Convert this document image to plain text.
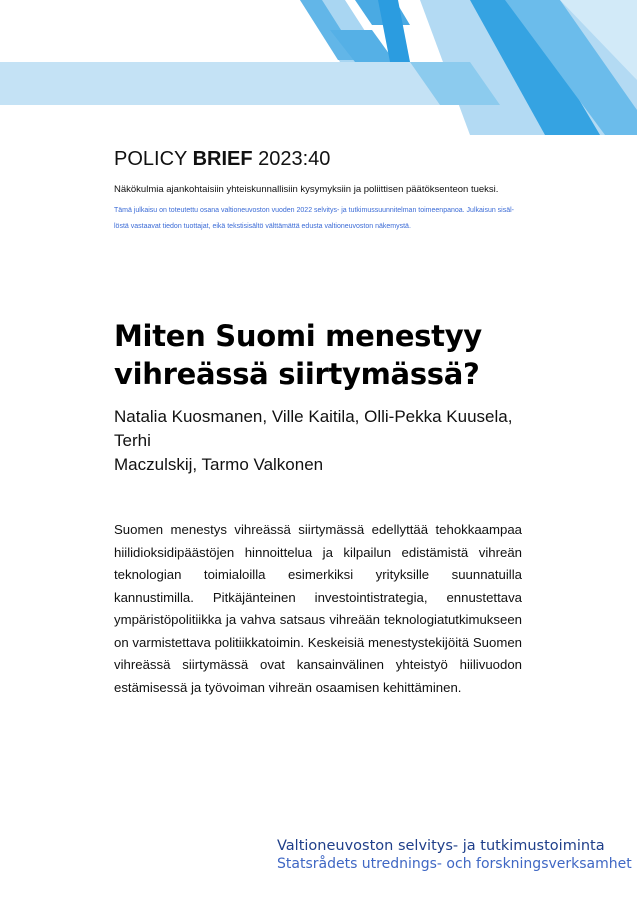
POLICY BRIEF 2023:40
Näkökulmia ajankohtaisiin yhteiskunnallisiin kysymyksiin ja poliittisen päätöksenteon tueksi.
Tämä julkaisu on toteutettu osana valtioneuvoston vuoden 2022 selvitys- ja tutkimussuunnitelman toimeenpanoa. Julkaisun sisäl-
löstä vastaavat tiedon tuottajat, eikä tekstisisältö välttämättä edusta valtioneuvoston näkemystä.
Miten Suomi menestyy
vihreässä siirtymässä?
Natalia Kuosmanen, Ville Kaitila, Olli-Pekka Kuusela, Terhi
Maczulskij, Tarmo Valkonen
Suomen menestys vihreässä siirtymässä edellyttää tehokkaampaa hiilidioksidipäästöjen hinnoittelua ja kilpailun edistämistä vihreän teknologian toimialoilla esimerkiksi yrityksille suunnatuilla kannustimilla. Pitkäjänteinen investointistrategia, ennustettava ympäristöpolitiikka ja vahva satsaus vihreään teknologiatutkimukseen on varmistettava politiikkatoimin. Keskeisiä menestystekijöitä Suomen vihreässä siirtymässä ovat kansainvälinen yhteistyö hiilivuodon estämisessä ja työvoiman vihreän osaamisen kehittäminen.
Valtioneuvoston selvitys- ja tutkimustoiminta
Statsrådets utrednings- och forskningsverksamhet
